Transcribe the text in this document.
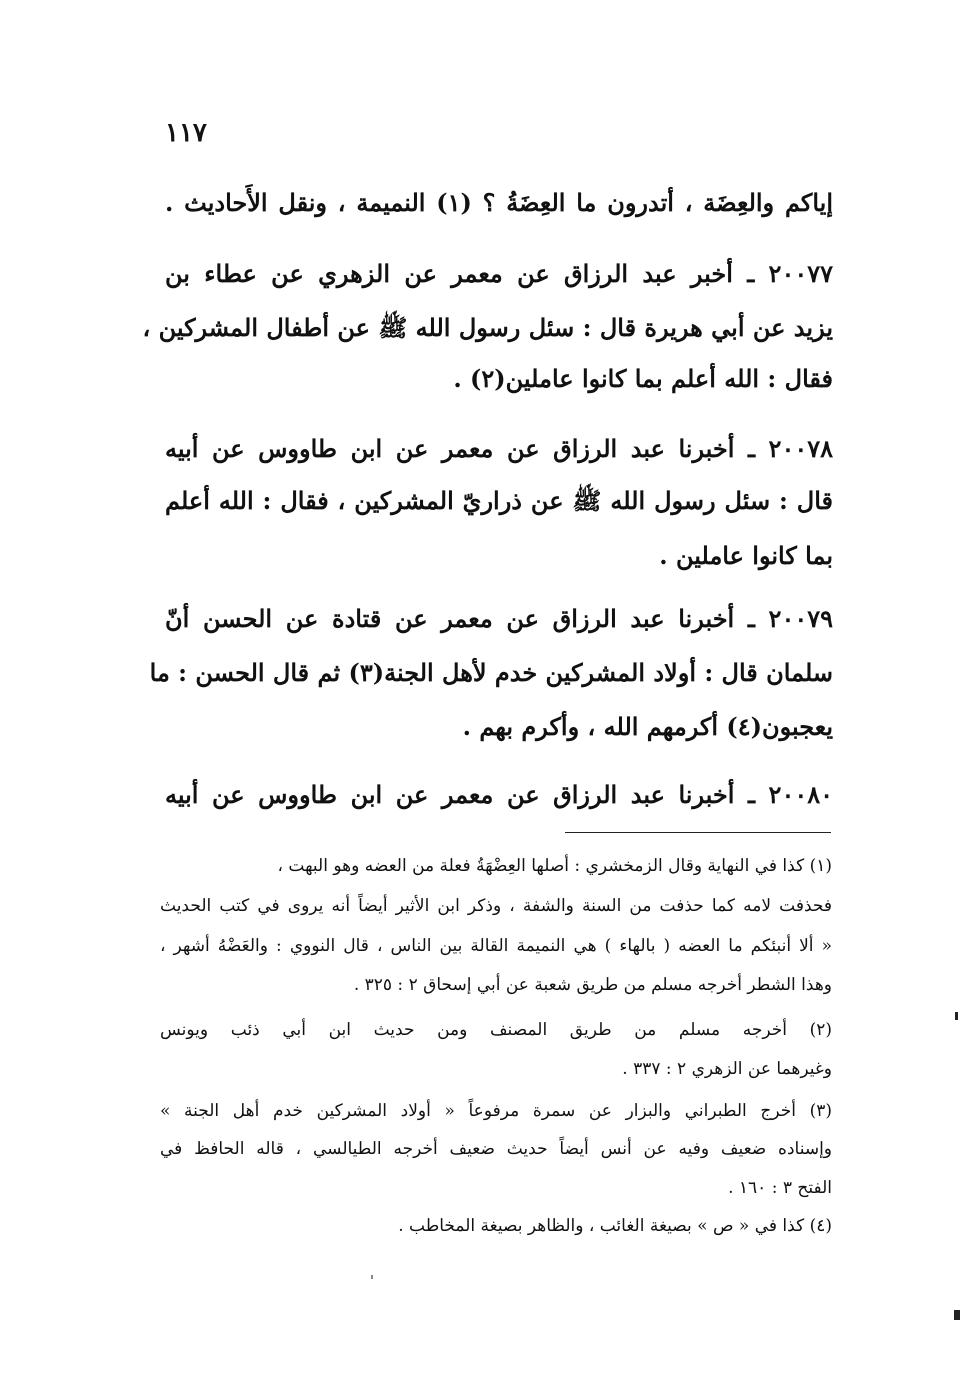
١١٧
إياكم والعِضَة ، أتدرون ما العِضَةُ ؟ (١) النميمة ، ونقل الأَحاديث .
٢٠٠٧٧ ـ أخبر عبد الرزاق عن معمر عن الزهري عن عطاء بن
يزيد عن أبي هريرة قال : سئل رسول الله ﷺ عن أطفال المشركين ،
فقال : الله أعلم بما كانوا عاملين(٢) .
٢٠٠٧٨ ـ أخبرنا عبد الرزاق عن معمر عن ابن طاووس عن أبيه
قال : سئل رسول الله ﷺ عن ذراريّ المشركين ، فقال : الله أعلم
بما كانوا عاملين .
٢٠٠٧٩ ـ أخبرنا عبد الرزاق عن معمر عن قتادة عن الحسن أنّ
سلمان قال : أولاد المشركين خدم لأهل الجنة(٣) ثم قال الحسن : ما
يعجبون(٤) أكرمهم الله ، وأكرم بهم .
٢٠٠٨٠ ـ أخبرنا عبد الرزاق عن معمر عن ابن طاووس عن أبيه
(١) كذا في النهاية وقال الزمخشري : أصلها العِضْهَةُ فعلة من العضه وهو البهت ،
فحذفت لامه كما حذفت من السنة والشفة ، وذكر ابن الأثير أيضاً أنه يروى في كتب الحديث
« ألا أنبئكم ما العضه ( بالهاء ) هي النميمة القالة بين الناس ، قال النووي : والعَضْهُ أشهر ،
وهذا الشطر أخرجه مسلم من طريق شعبة عن أبي إسحاق ٢ : ٣٢٥ .
(٢) أخرجه مسلم من طريق المصنف ومن حديث ابن أبي ذئب ويونس
وغيرهما عن الزهري ٢ : ٣٣٧ .
(٣) أخرج الطبراني والبزار عن سمرة مرفوعاً « أولاد المشركين خدم أهل الجنة »
وإسناده ضعيف وفيه عن أنس أيضاً حديث ضعيف أخرجه الطيالسي ، قاله الحافظ في
الفتح ٣ : ١٦٠ .
(٤) كذا في « ص » بصيغة الغائب ، والظاهر بصيغة المخاطب .
